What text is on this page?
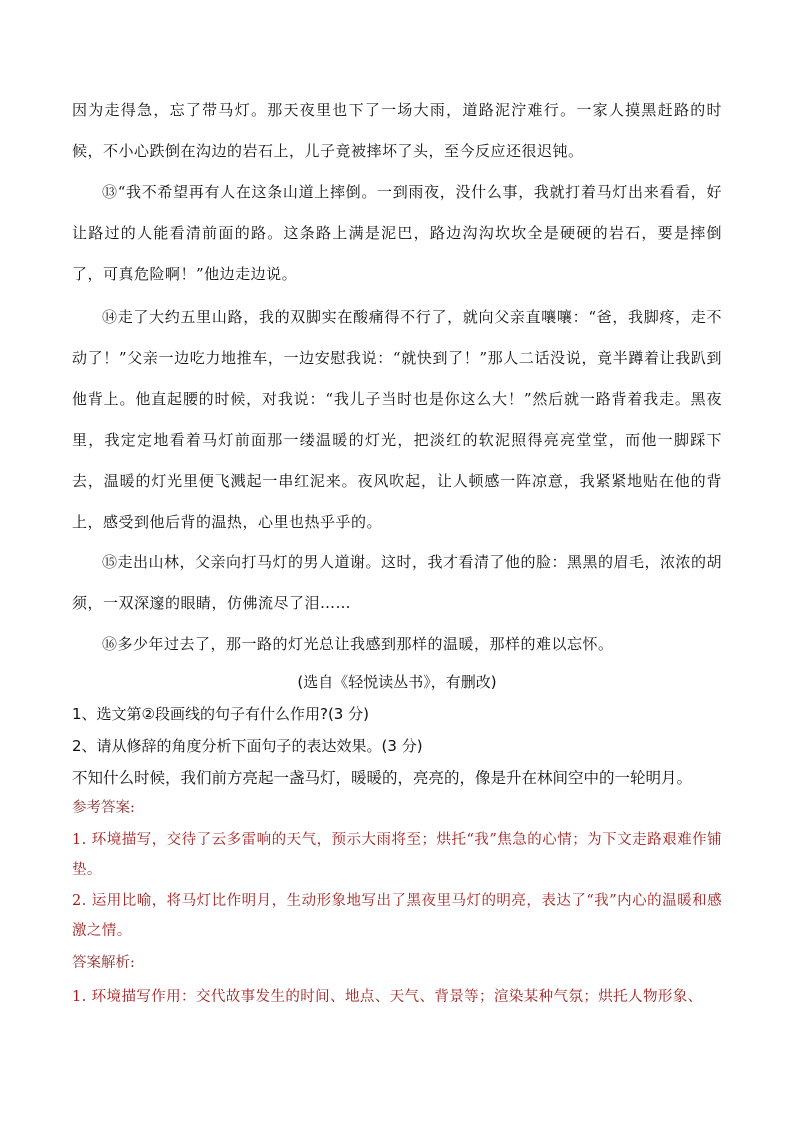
因为走得急，忘了带马灯。那天夜里也下了一场大雨，道路泥泞难行。一家人摸黑赶路的时候，不小心跌倒在沟边的岩石上，儿子竟被摔坏了头，至今反应还很迟钝。
⑬“我不希望再有人在这条山道上摔倒。一到雨夜，没什么事，我就打着马灯出来看看，好让路过的人能看清前面的路。这条路上满是泥巴，路边沟沟坎坎全是硬硬的岩石，要是摔倒了，可真危险啊！”他边走边说。
⑭走了大约五里山路，我的双脚实在酸痛得不行了，就向父亲直嚷嚷：“爸，我脚疼，走不动了！”父亲一边吃力地推车，一边安慰我说：“就快到了！”那人二话没说，竟半蹲着让我趴到他背上。他直起腰的时候，对我说：“我儿子当时也是你这么大！”然后就一路背着我走。黑夜里，我定定地看着马灯前面那一缕温暖的灯光，把淡红的软泥照得亮亮堂堂，而他一脚踩下去，温暖的灯光里便飞溅起一串红泥来。夜风吹起，让人顿感一阵凉意，我紧紧地贴在他的背上，感受到他后背的温热，心里也热乎乎的。
⑮走出山林，父亲向打马灯的男人道谢。这时，我才看清了他的脸：黑黑的眉毛，浓浓的胡须，一双深邃的眼睛，仿佛流尽了泪……
⑯多少年过去了，那一路的灯光总让我感到那样的温暖，那样的难以忘怀。
(选自《轻悦读丛书》，有删改)
1、选文第②段画线的句子有什么作用?(3 分)
2、请从修辞的角度分析下面句子的表达效果。(3 分)
不知什么时候，我们前方亮起一盏马灯，暖暖的，亮亮的，像是升在林间空中的一轮明月。
参考答案:
1. 环境描写，交待了云多雷响的天气，预示大雨将至；烘托“我”焦急的心情；为下文走路艰难作铺垫。
2. 运用比喻，将马灯比作明月，生动形象地写出了黑夜里马灯的明亮，表达了“我”内心的温暖和感激之情。
答案解析:
1. 环境描写作用：交代故事发生的时间、地点、天气、背景等；渲染某种气氛；烘托人物形象、
